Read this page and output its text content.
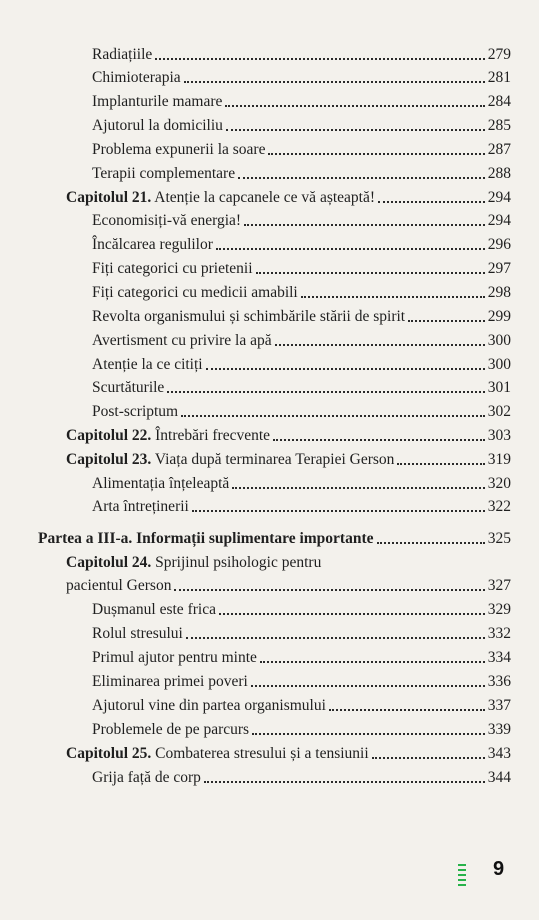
Radiațiile	279
Chimioterapia	281
Implanturile mamare	284
Ajutorul la domiciliu	285
Problema expunerii la soare	287
Terapii complementare	288
Capitolul 21. Atenție la capcanele ce vă așteaptă!	294
Economisiți-vă energia!	294
Încălcarea regulilor	296
Fiți categorici cu prietenii	297
Fiți categorici cu medicii amabili	298
Revolta organismului și schimbările stării de spirit	299
Avertisment cu privire la apă	300
Atenție la ce citiți	300
Scurtăturile	301
Post-scriptum	302
Capitolul 22. Întrebări frecvente	303
Capitolul 23. Viața după terminarea Terapiei Gerson	319
Alimentația înțeleaptă	320
Arta întreținerii	322
Partea a III-a. Informații suplimentare importante	325
Capitolul 24. Sprijinul psihologic pentru
pacientul Gerson	327
Dușmanul este frica	329
Rolul stresului	332
Primul ajutor pentru minte	334
Eliminarea primei poveri	336
Ajutorul vine din partea organismului	337
Problemele de pe parcurs	339
Capitolul 25. Combaterea stresului și a tensiunii	343
Grija față de corp	344
9
